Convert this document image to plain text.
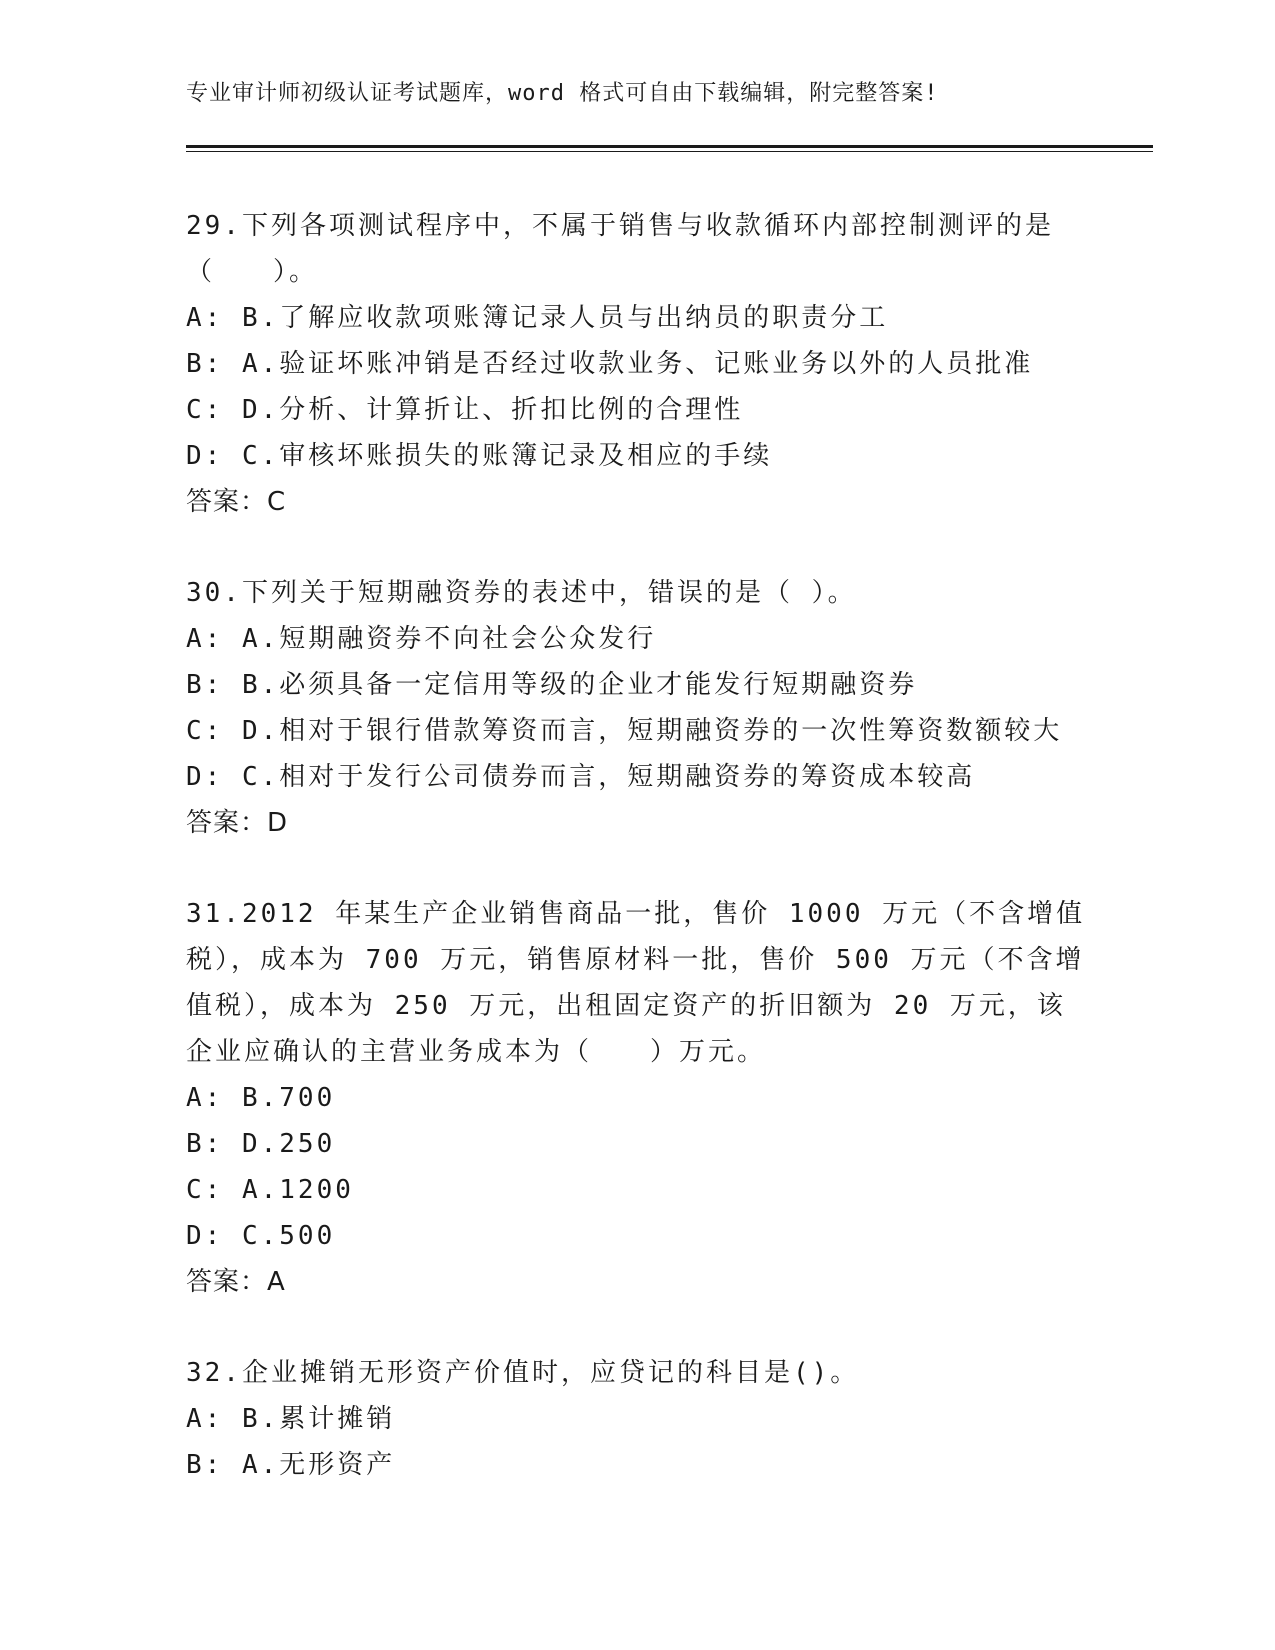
专业审计师初级认证考试题库，word 格式可自由下载编辑，附完整答案!

29.下列各项测试程序中，不属于销售与收款循环内部控制测评的是（　　）。

A: B.了解应收款项账簿记录人员与出纳员的职责分工

B: A.验证坏账冲销是否经过收款业务、记账业务以外的人员批准

C: D.分析、计算折让、折扣比例的合理性

D: C.审核坏账损失的账簿记录及相应的手续

答案：C

30.下列关于短期融资券的表述中，错误的是（ ）。

A: A.短期融资券不向社会公众发行

B: B.必须具备一定信用等级的企业才能发行短期融资券

C: D.相对于银行借款筹资而言，短期融资券的一次性筹资数额较大

D: C.相对于发行公司债券而言，短期融资券的筹资成本较高

答案：D

31.2012 年某生产企业销售商品一批，售价 1000 万元（不含增值税），成本为 700 万元，销售原材料一批，售价 500 万元（不含增值税），成本为 250 万元，出租固定资产的折旧额为 20 万元，该企业应确认的主营业务成本为（　　）万元。

A: B.700

B: D.250

C: A.1200

D: C.500

答案：A

32.企业摊销无形资产价值时，应贷记的科目是()。

A: B.累计摊销

B: A.无形资产
